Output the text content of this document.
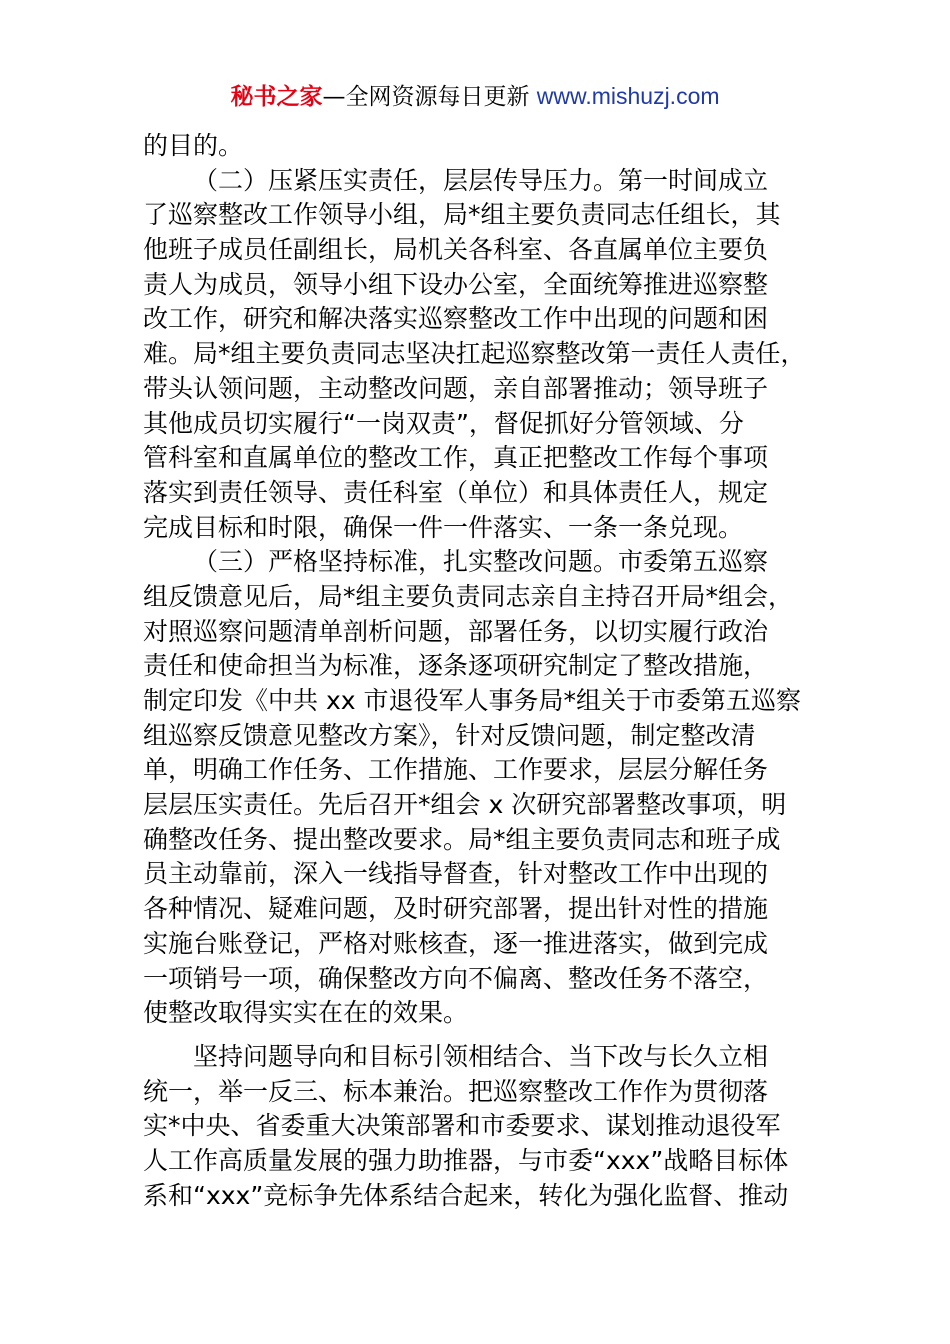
秘书之家—全网资源每日更新 www.mishuzj.com
的目的。
（二）压紧压实责任，层层传导压力。第一时间成立
了巡察整改工作领导小组，局*组主要负责同志任组长，其
他班子成员任副组长，局机关各科室、各直属单位主要负
责人为成员，领导小组下设办公室，全面统筹推进巡察整
改工作，研究和解决落实巡察整改工作中出现的问题和困
难。局*组主要负责同志坚决扛起巡察整改第一责任人责任，
带头认领问题，主动整改问题，亲自部署推动；领导班子
其他成员切实履行“一岗双责”，督促抓好分管领域、分
管科室和直属单位的整改工作，真正把整改工作每个事项
落实到责任领导、责任科室（单位）和具体责任人，规定
完成目标和时限，确保一件一件落实、一条一条兑现。
（三）严格坚持标准，扎实整改问题。市委第五巡察
组反馈意见后，局*组主要负责同志亲自主持召开局*组会，
对照巡察问题清单剖析问题，部署任务，以切实履行政治
责任和使命担当为标准，逐条逐项研究制定了整改措施，
制定印发《中共 xx 市退役军人事务局*组关于市委第五巡察
组巡察反馈意见整改方案》，针对反馈问题，制定整改清
单，明确工作任务、工作措施、工作要求，层层分解任务
层层压实责任。先后召开*组会 x 次研究部署整改事项，明
确整改任务、提出整改要求。局*组主要负责同志和班子成
员主动靠前，深入一线指导督查，针对整改工作中出现的
各种情况、疑难问题，及时研究部署，提出针对性的措施
实施台账登记，严格对账核查，逐一推进落实，做到完成
一项销号一项，确保整改方向不偏离、整改任务不落空，
使整改取得实实在在的效果。
坚持问题导向和目标引领相结合、当下改与长久立相
统一，举一反三、标本兼治。把巡察整改工作作为贯彻落
实*中央、省委重大决策部署和市委要求、谋划推动退役军
人工作高质量发展的强力助推器，与市委“xxx”战略目标体
系和“xxx”竞标争先体系结合起来，转化为强化监督、推动
